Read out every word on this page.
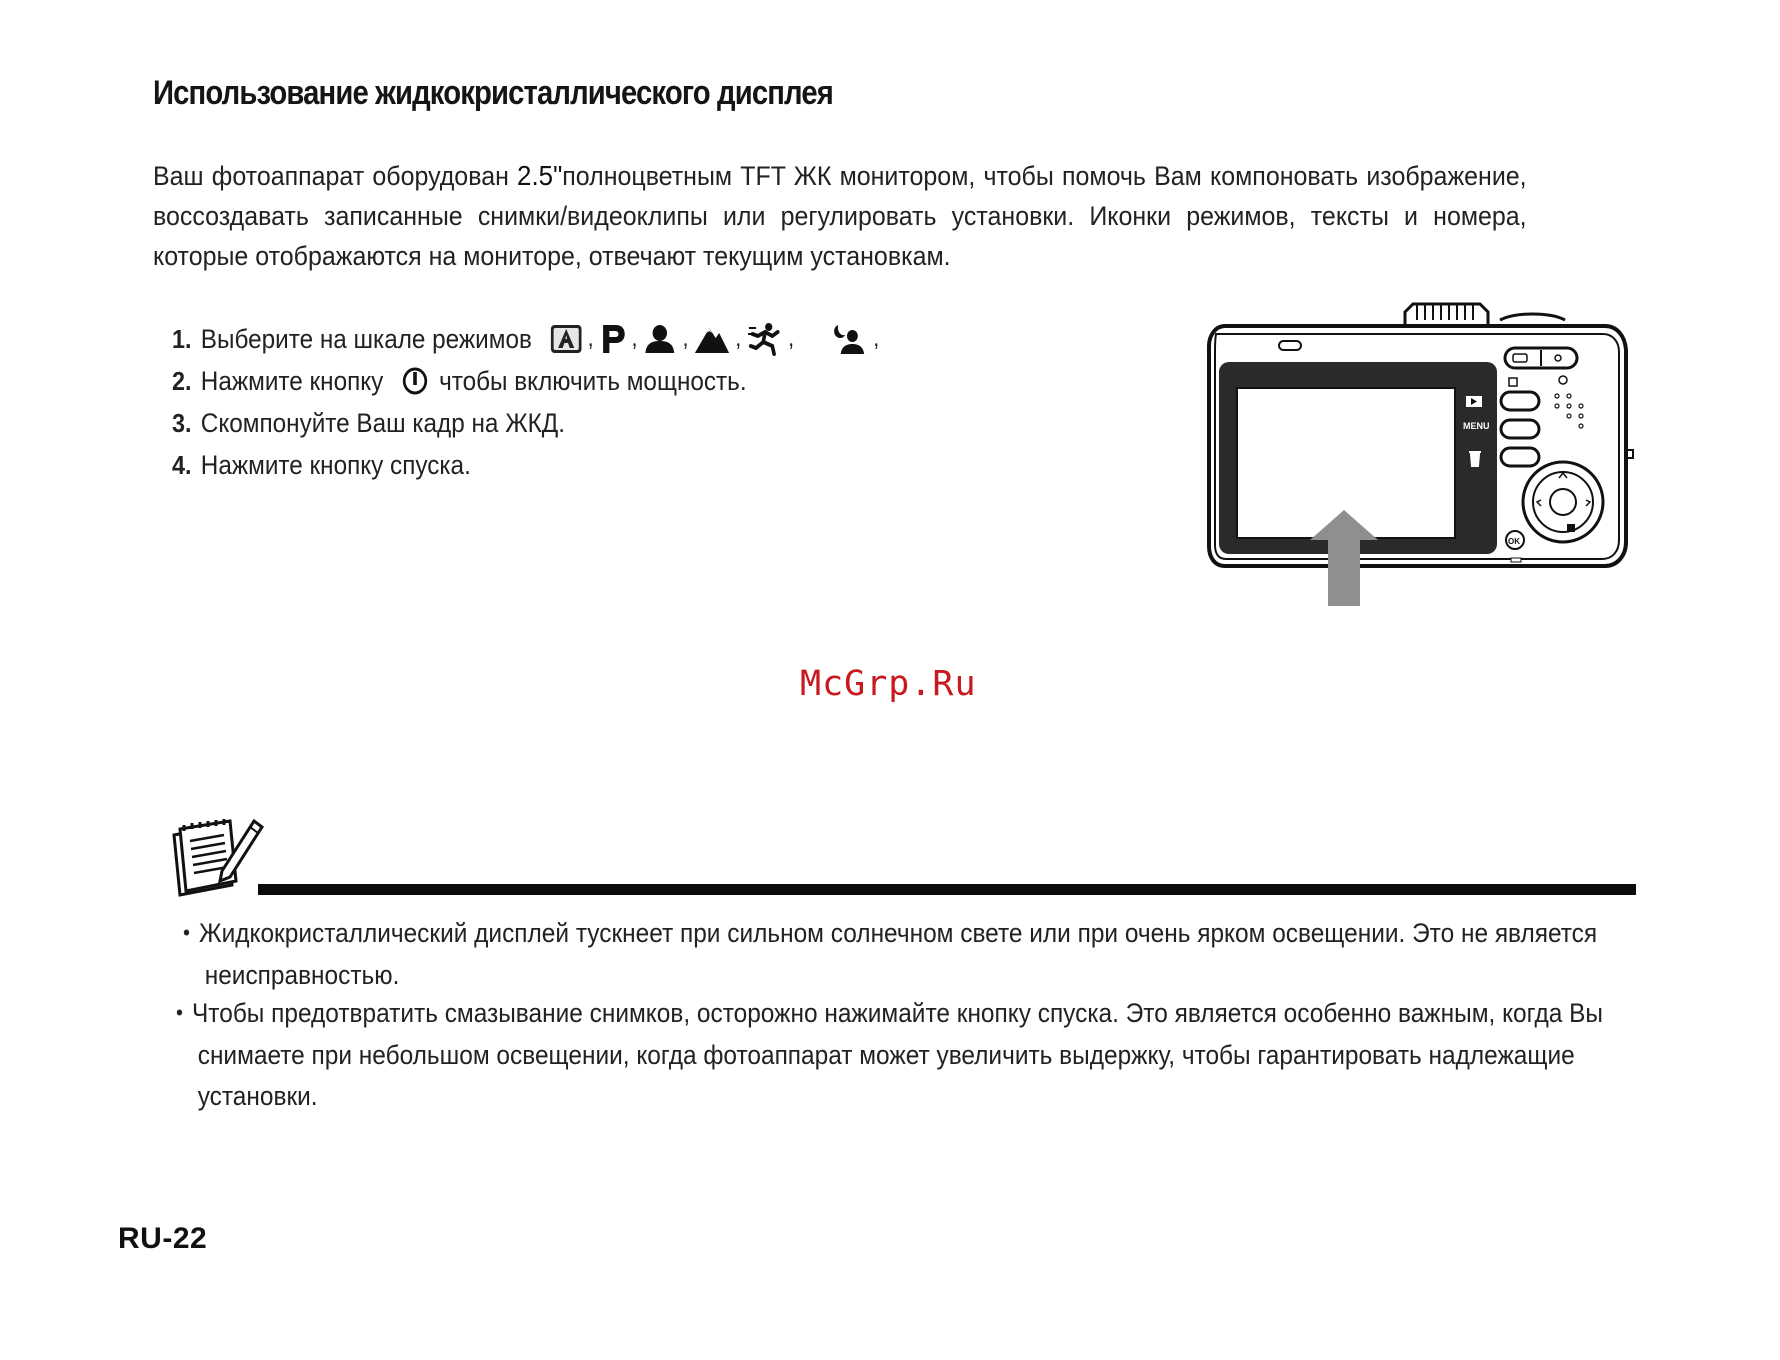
Использование жидкокристаллического дисплея

Ваш фотоаппарат оборудован 2.5"полноцветным TFT ЖК монитором, чтобы помочь Вам компоновать изображение, воссоздавать записанные снимки/видеоклипы или регулировать установки. Иконки режимов, тексты и номера, которые отображаются на мониторе, отвечают текущим установкам.

1. Выберите на шкале режимов , , , , ,	,
2. Нажмите кнопку чтобы включить мощность.
3. Скомпонуйте Ваш кадр на ЖКД.
4. Нажмите кнопку спуска.
MENU
OK

McGrp.Ru

• Жидкокристаллический дисплей тускнеет при сильном солнечном свете или при очень ярком освещении. Это не является
неисправностью.

• Чтобы предотвратить смазывание снимков, осторожно нажимайте кнопку спуска. Это является особенно важным, когда Вы
снимаете при небольшом освещении, когда фотоаппарат может увеличить выдержку, чтобы гарантировать надлежащие
установки.

RU-22
